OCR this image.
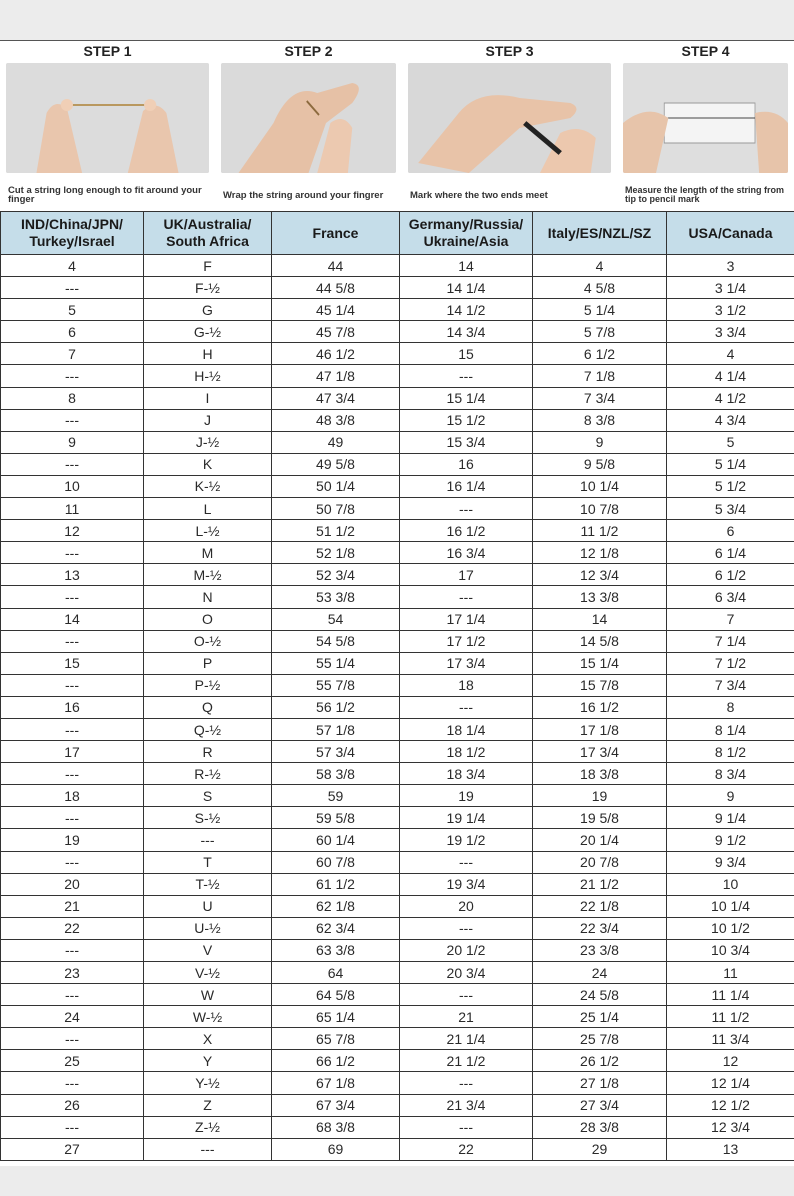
STEP 1
Cut a string long enough to fit around your finger
STEP 2
Wrap the string around your fingrer
STEP 3
Mark where the two ends meet
STEP 4
Measure the length of the string from tip to pencil mark
IND/China/JPN/ Turkey/Israel	UK/Australia/ South Africa	France	Germany/Russia/ Ukraine/Asia	Italy/ES/NZL/SZ	USA/Canada
4	F	44	14	4	3
---	F-½	44 5/8	14 1/4	4 5/8	3 1/4
5	G	45 1/4	14 1/2	5 1/4	3 1/2
6	G-½	45 7/8	14 3/4	5 7/8	3 3/4
7	H	46 1/2	15	6 1/2	4
---	H-½	47 1/8	---	7 1/8	4 1/4
8	I	47 3/4	15 1/4	7 3/4	4 1/2
---	J	48 3/8	15 1/2	8 3/8	4 3/4
9	J-½	49	15 3/4	9	5
---	K	49 5/8	16	9 5/8	5 1/4
10	K-½	50 1/4	16 1/4	10 1/4	5 1/2
11	L	50 7/8	---	10 7/8	5 3/4
12	L-½	51 1/2	16 1/2	11 1/2	6
---	M	52 1/8	16 3/4	12 1/8	6 1/4
13	M-½	52 3/4	17	12 3/4	6 1/2
---	N	53 3/8	---	13 3/8	6 3/4
14	O	54	17 1/4	14	7
---	O-½	54 5/8	17 1/2	14 5/8	7 1/4
15	P	55 1/4	17 3/4	15 1/4	7 1/2
---	P-½	55 7/8	18	15 7/8	7 3/4
16	Q	56 1/2	---	16 1/2	8
---	Q-½	57 1/8	18 1/4	17 1/8	8 1/4
17	R	57 3/4	18 1/2	17 3/4	8 1/2
---	R-½	58 3/8	18 3/4	18 3/8	8 3/4
18	S	59	19	19	9
---	S-½	59 5/8	19 1/4	19 5/8	9 1/4
19	---	60 1/4	19 1/2	20 1/4	9 1/2
---	T	60 7/8	---	20 7/8	9 3/4
20	T-½	61 1/2	19 3/4	21 1/2	10
21	U	62 1/8	20	22 1/8	10 1/4
22	U-½	62 3/4	---	22 3/4	10 1/2
---	V	63 3/8	20 1/2	23 3/8	10 3/4
23	V-½	64	20 3/4	24	11
---	W	64 5/8	---	24 5/8	11 1/4
24	W-½	65 1/4	21	25 1/4	11 1/2
---	X	65 7/8	21 1/4	25 7/8	11 3/4
25	Y	66 1/2	21 1/2	26 1/2	12
---	Y-½	67 1/8	---	27 1/8	12 1/4
26	Z	67 3/4	21 3/4	27 3/4	12 1/2
---	Z-½	68 3/8	---	28 3/8	12 3/4
27	---	69	22	29	13
